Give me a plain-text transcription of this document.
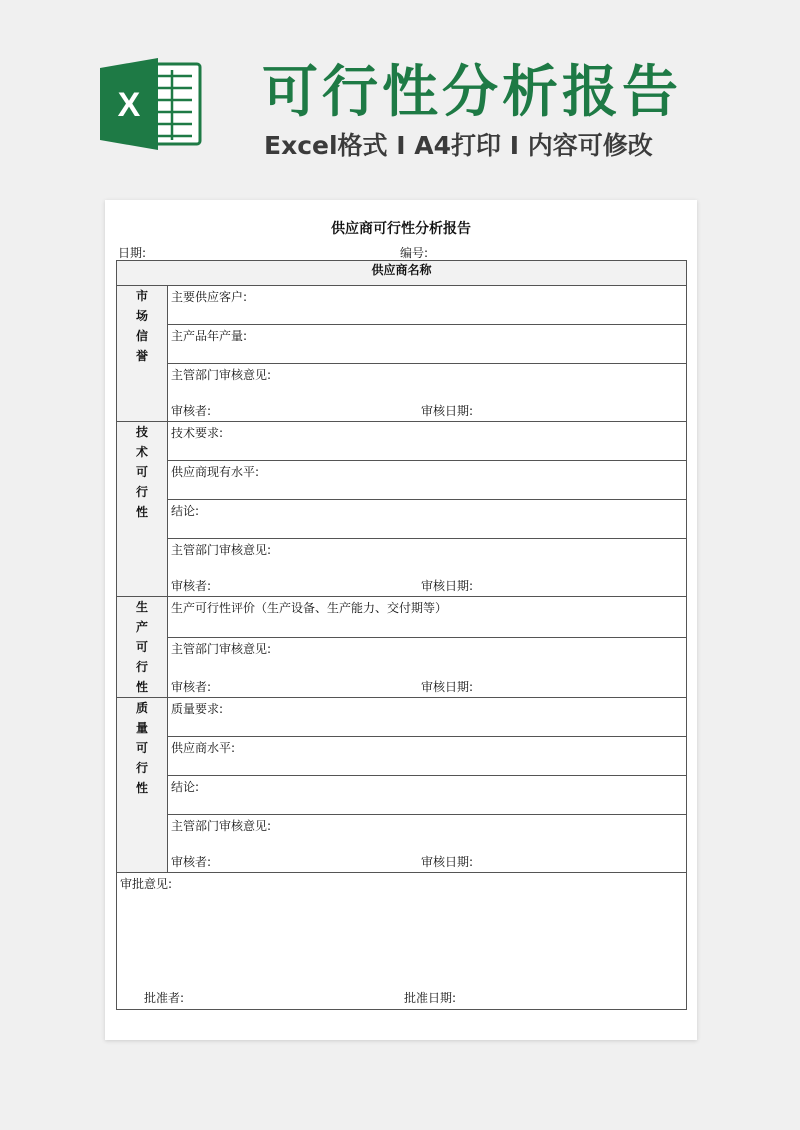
X 可行性分析报告
Excel格式 I A4打印 I 内容可修改
供应商可行性分析报告
日期:	编号:
供应商名称	
市场信誉	主要供应客户:

	主产品年产量:

	主管部门审核意见:
审核者: 审核日期:

技术可行性	技术要求:

	供应商现有水平:

	结论:

	主管部门审核意见:
审核者: 审核日期:

生产可行性	生产可行性评价（生产设备、生产能力、交付期等）

	主管部门审核意见:
审核者: 审核日期:

质量可行性	质量要求:

	供应商水平:

	结论:

	主管部门审核意见:
审核者: 审核日期:

审批意见:
批准者: 批准日期:	
